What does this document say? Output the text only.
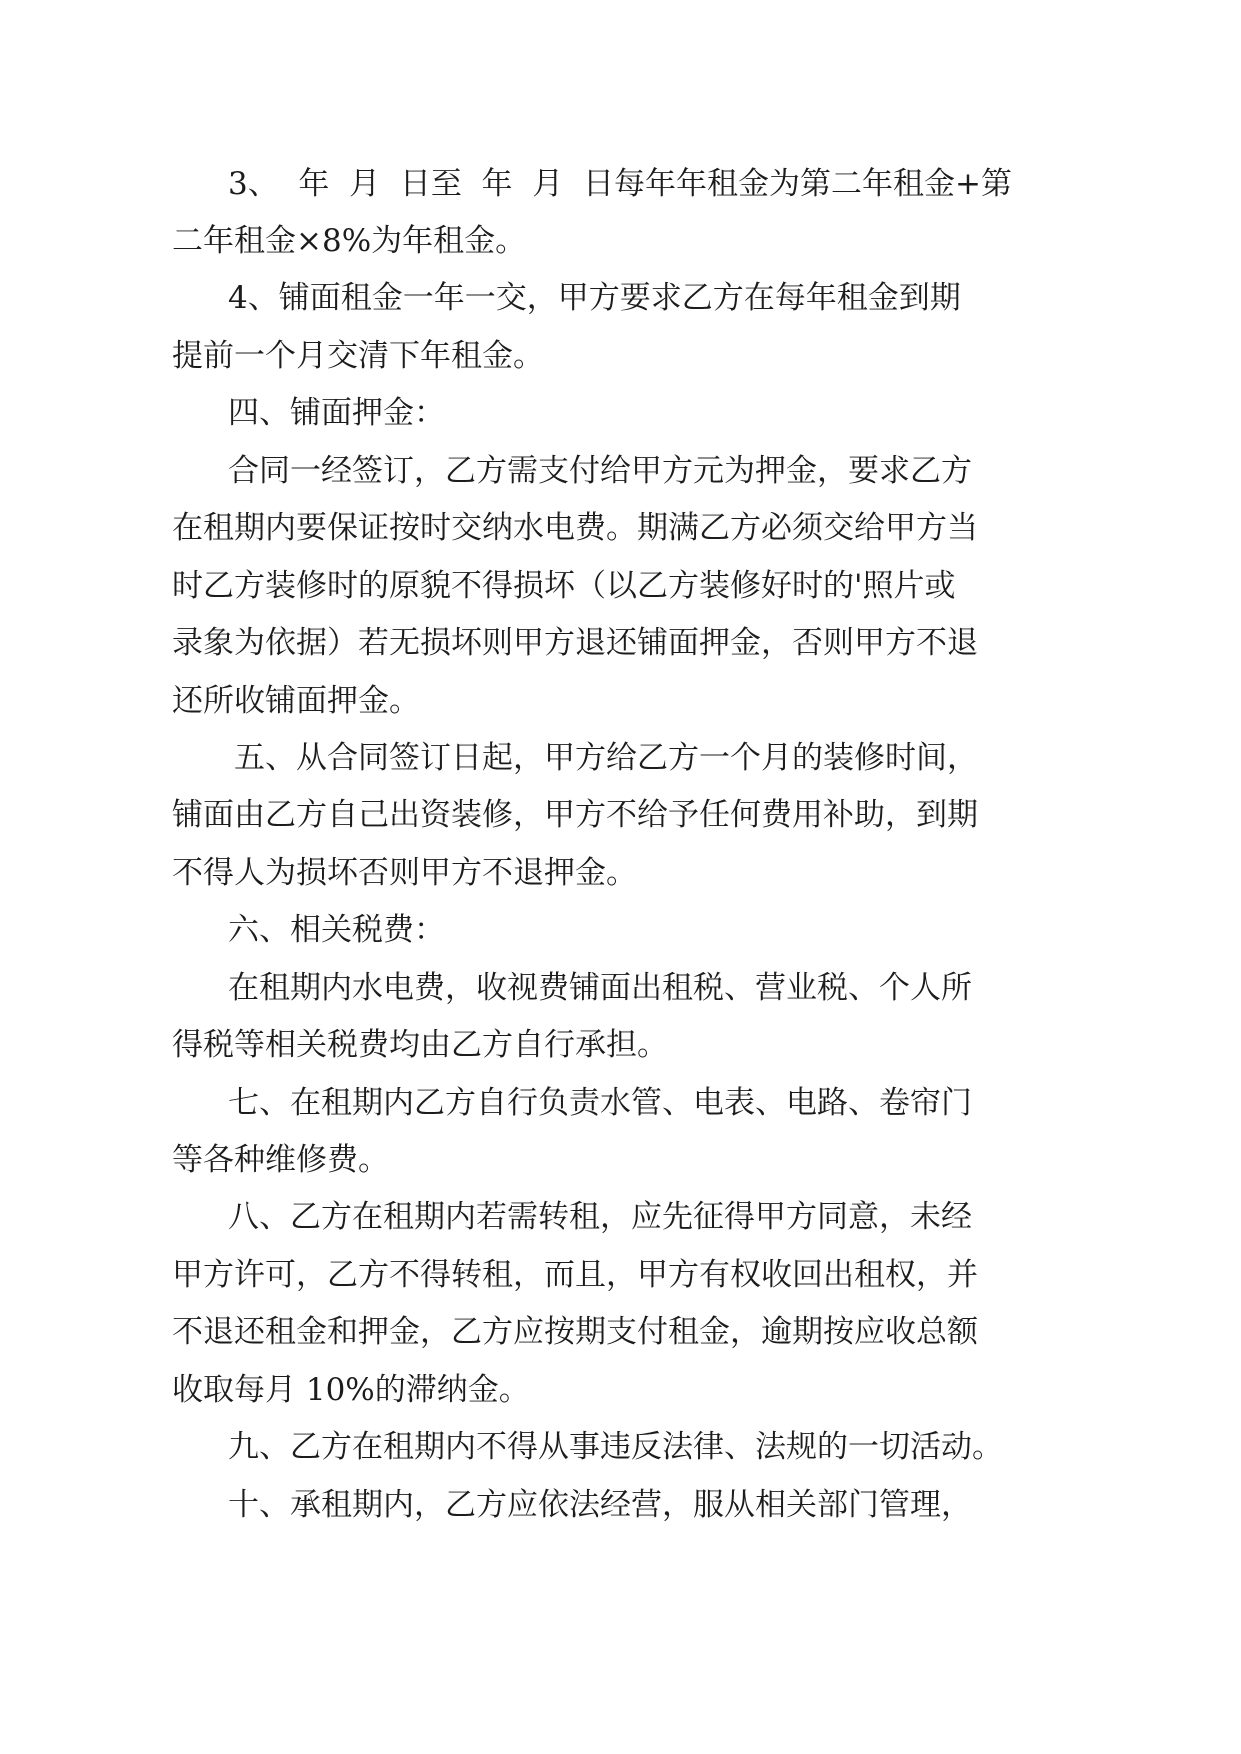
3、  年  月  日至  年  月  日每年年租金为第二年租金+第
二年租金×8%为年租金。
4、铺面租金一年一交，甲方要求乙方在每年租金到期
提前一个月交清下年租金。
四、铺面押金：
合同一经签订，乙方需支付给甲方元为押金，要求乙方
在租期内要保证按时交纳水电费。期满乙方必须交给甲方当
时乙方装修时的原貌不得损坏（以乙方装修好时的'照片或
录象为依据）若无损坏则甲方退还铺面押金，否则甲方不退
还所收铺面押金。
五、从合同签订日起，甲方给乙方一个月的装修时间，
铺面由乙方自己出资装修，甲方不给予任何费用补助，到期
不得人为损坏否则甲方不退押金。
六、相关税费：
在租期内水电费，收视费铺面出租税、营业税、个人所
得税等相关税费均由乙方自行承担。
七、在租期内乙方自行负责水管、电表、电路、卷帘门
等各种维修费。
八、乙方在租期内若需转租，应先征得甲方同意，未经
甲方许可，乙方不得转租，而且，甲方有权收回出租权，并
不退还租金和押金，乙方应按期支付租金，逾期按应收总额
收取每月 10%的滞纳金。
九、乙方在租期内不得从事违反法律、法规的一切活动。
十、承租期内，乙方应依法经营，服从相关部门管理，
